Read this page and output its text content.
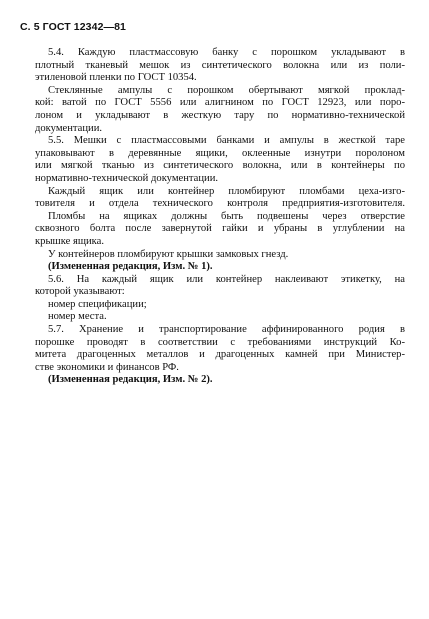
С. 5 ГОСТ 12342—81
5.4. Каждую пластмассовую банку с порошком укладывают в
плотный тканевый мешок из синтетического волокна или из поли-
этиленовой пленки по ГОСТ 10354.
Стеклянные ампулы с порошком обертывают мягкой проклад-
кой: ватой по ГОСТ 5556 или алигнином по ГОСТ 12923, или поро-
лоном и укладывают в жесткую тару по нормативно-технической
документации.
5.5. Мешки с пластмассовыми банками и ампулы в жесткой таре
упаковывают в деревянные ящики, оклеенные изнутри поролоном
или мягкой тканью из синтетического волокна, или в контейнеры по
нормативно-технической документации.
Каждый ящик или контейнер пломбируют пломбами цеха-изго-
товителя и отдела технического контроля предприятия-изготовителя.
Пломбы на ящиках должны быть подвешены через отверстие
сквозного болта после завернутой гайки и убраны в углублении на
крышке ящика.
У контейнеров пломбируют крышки замковых гнезд.
(Измененная редакция, Изм. № 1).
5.6. На каждый ящик или контейнер наклеивают этикетку, на
которой указывают:
номер спецификации;
номер места.
5.7. Хранение и транспортирование аффинированного родия в
порошке проводят в соответствии с требованиями инструкций Ко-
митета драгоценных металлов и драгоценных камней при Министер-
стве экономики и финансов РФ.
(Измененная редакция, Изм. № 2).
